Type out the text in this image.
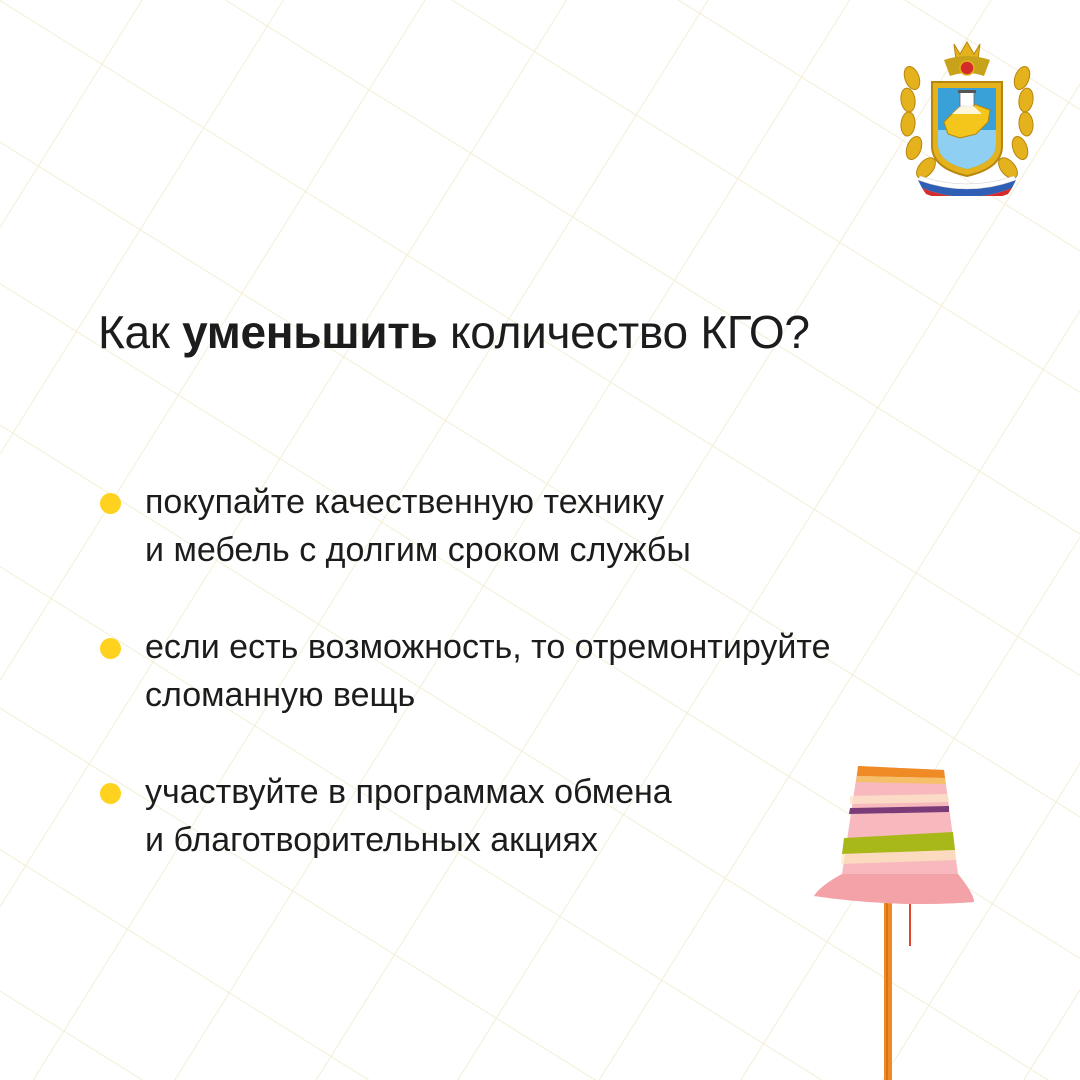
Как уменьшить количество КГО?
покупайте качественную технику
и мебель с долгим сроком службы
если есть возможность, то отремонтируйте
сломанную вещь
участвуйте в программах обмена
и благотворительных акциях
